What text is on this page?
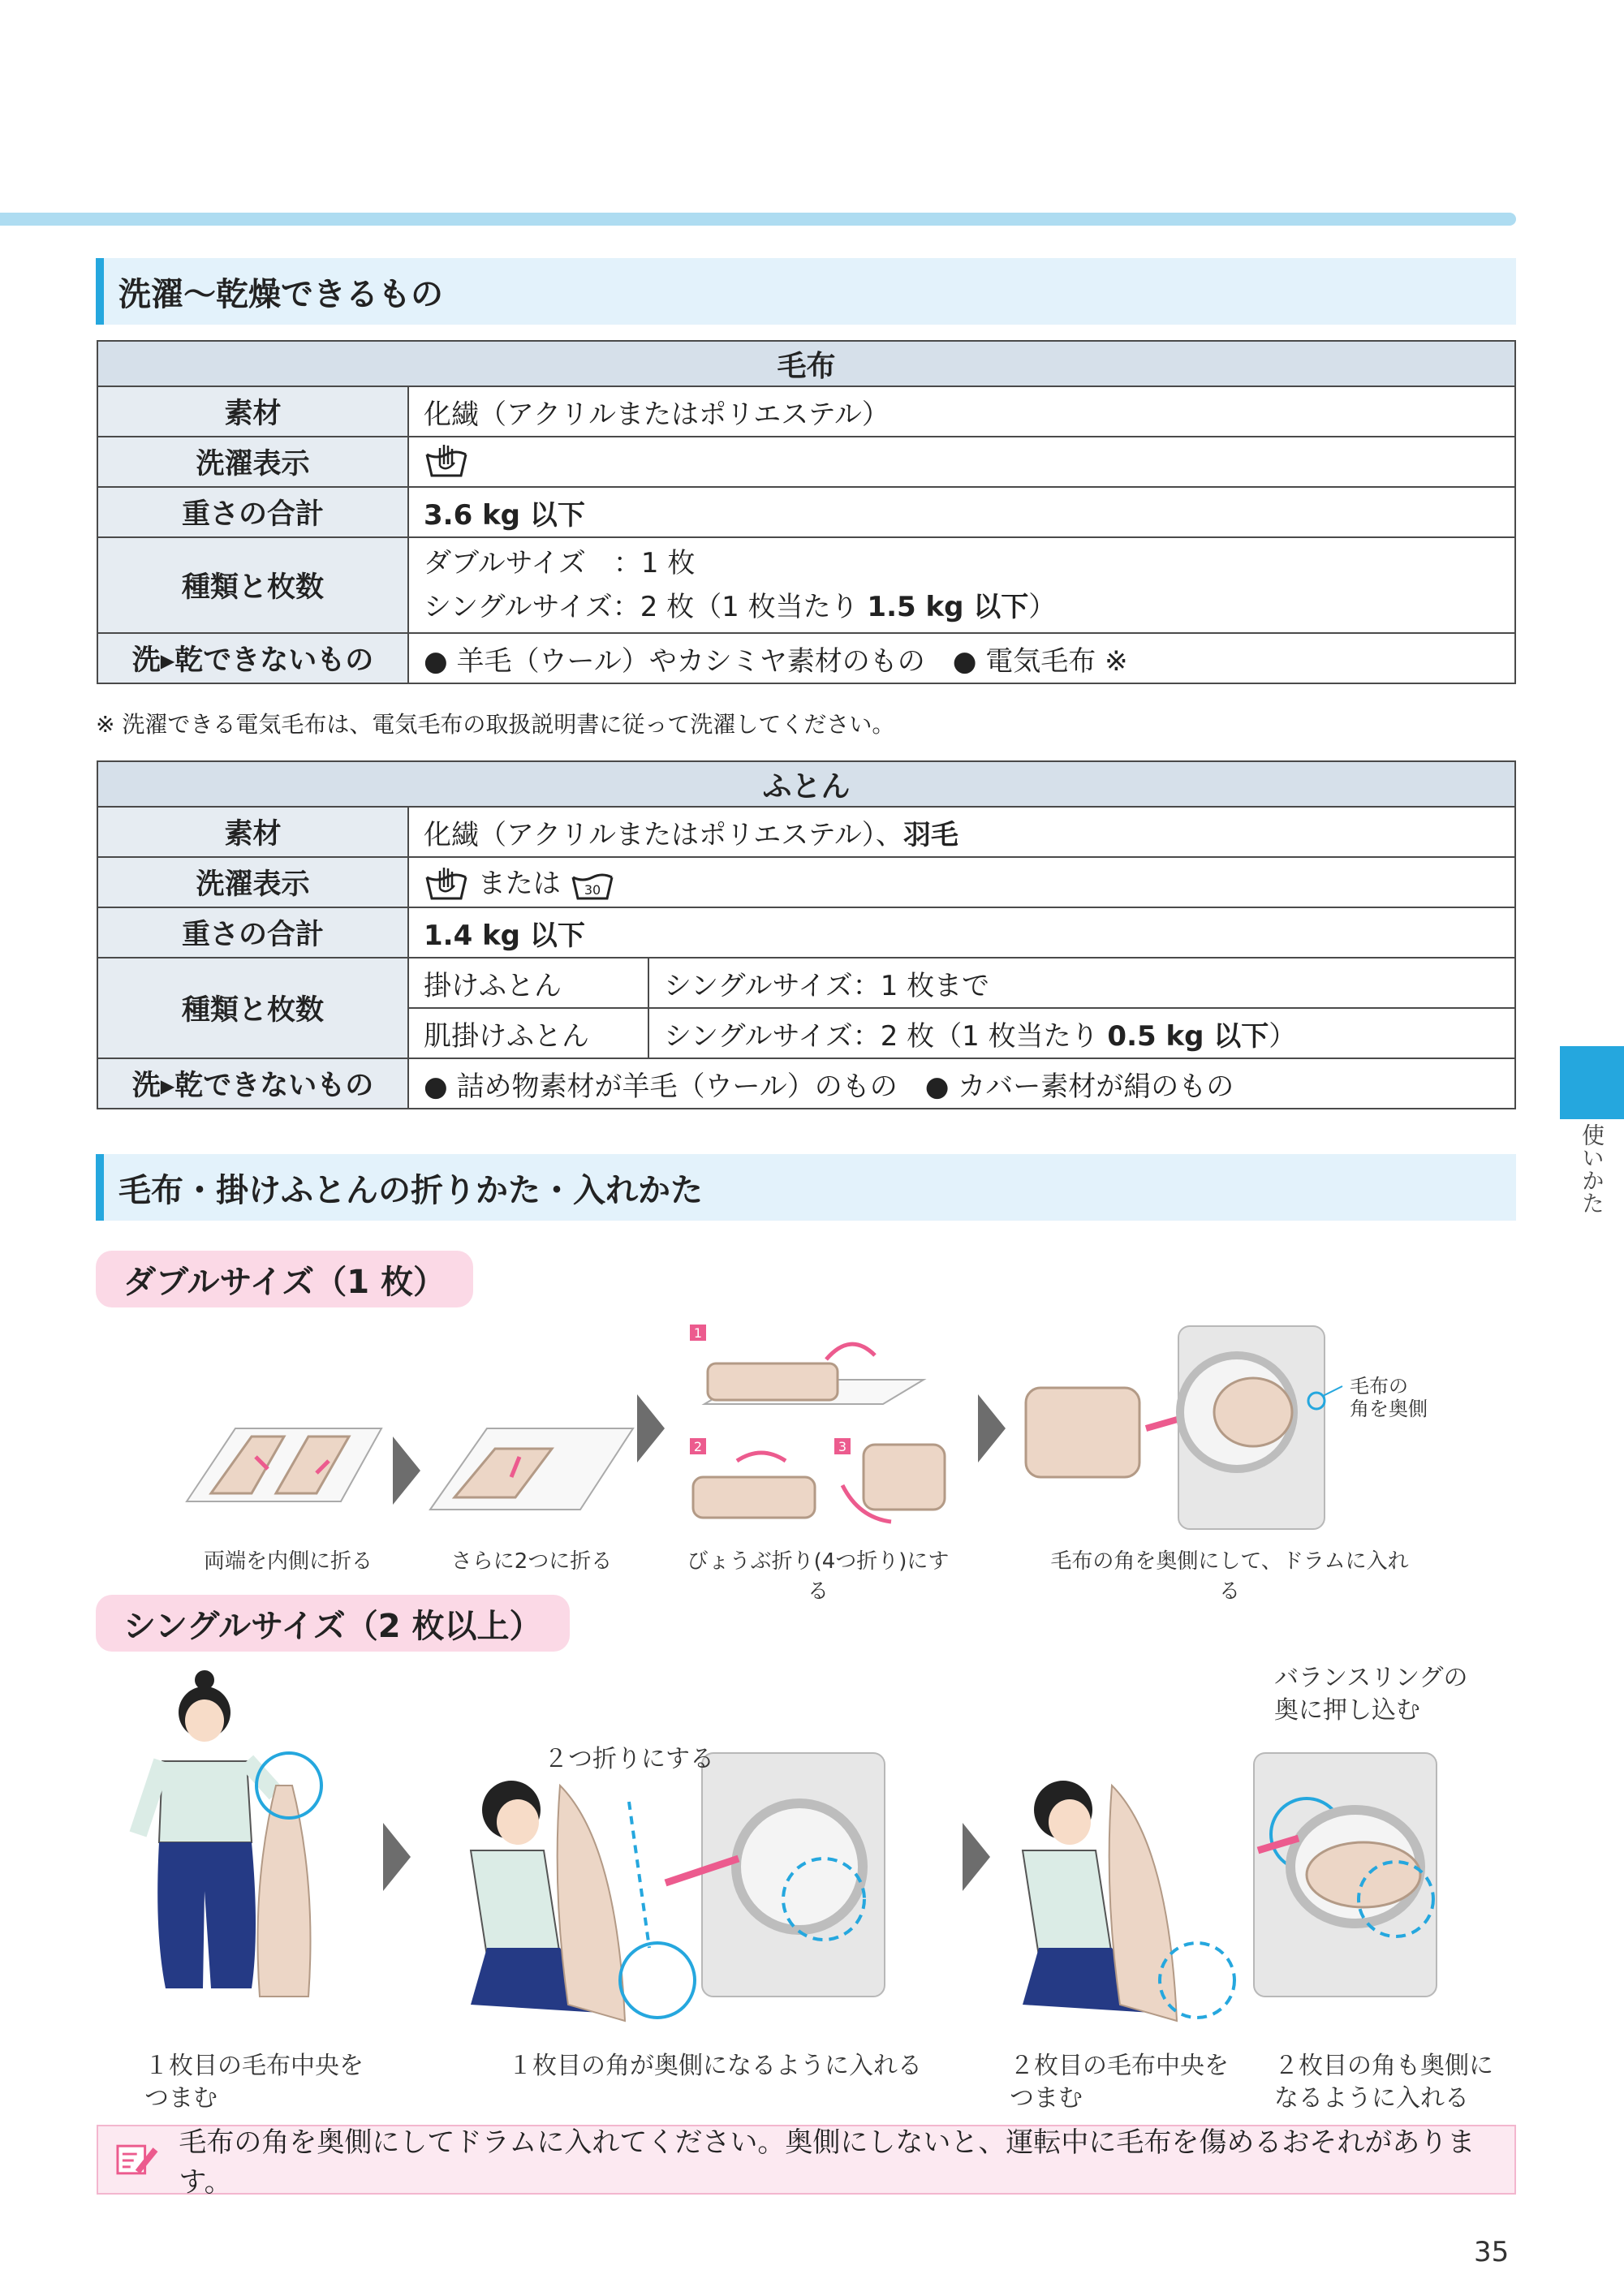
洗濯～乾燥できるもの
毛布	
素材	化繊（アクリルまたはポリエステル）
洗濯表示	
重さの合計	3.6 kg 以下
種類と枚数	ダブルサイズ　：1 枚
シングルサイズ：2 枚（1 枚当たり 1.5 kg 以下）

洗▸乾できないもの	● 羊毛（ウール）やカシミヤ素材のもの　● 電気毛布 ※
※ 洗濯できる電気毛布は、電気毛布の取扱説明書に従って洗濯してください。
ふとん		
素材	化繊（アクリルまたはポリエステル）、羽毛	
洗濯表示	または 30	

重さの合計	1.4 kg 以下	
種類と枚数	掛けふとん	シングルサイズ：1 枚まで
	肌掛けふとん	シングルサイズ：2 枚（1 枚当たり 0.5 kg 以下）
洗▸乾できないもの	● 詰め物素材が羊毛（ウール）のもの　● カバー素材が絹のもの	
使いかた
毛布・掛けふとんの折りかた・入れかた
ダブルサイズ（1 枚）
1
2	3
毛布の
角を奥側
両端を内側に折る	さらに2つに折る	びょうぶ折り(4つ折り)にする
毛布の角を奥側にして、ドラムに入れる
シングルサイズ（2 枚以上）
２つ折りにする
バランスリングの
奥に押し込む
１枚目の毛布中央を
つまむ
１枚目の角が奥側になるように入れる	２枚目の毛布中央を
つまむ
２枚目の角も奥側に
なるように入れる
毛布の角を奥側にしてドラムに入れてください。奥側にしないと、運転中に毛布を傷めるおそれがあります。
35
